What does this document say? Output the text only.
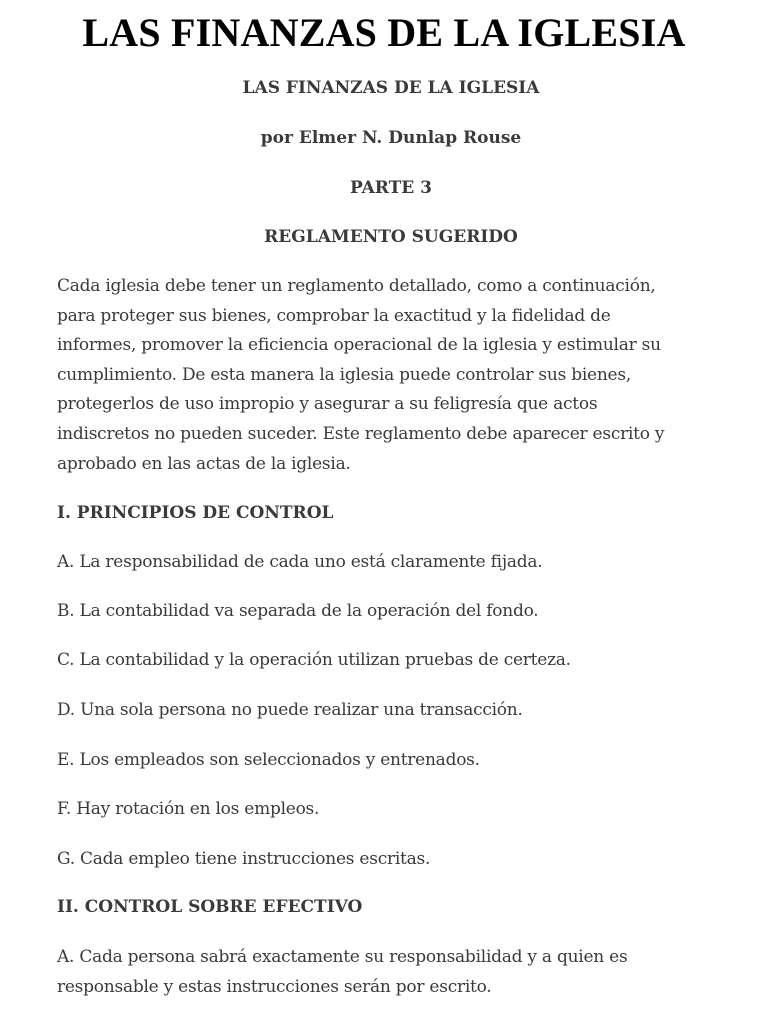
LAS FINANZAS DE LA IGLESIA

LAS FINANZAS DE LA IGLESIA

por Elmer N. Dunlap Rouse

PARTE 3

REGLAMENTO SUGERIDO

Cada iglesia debe tener un reglamento detallado, como a continuación,
para proteger sus bienes, comprobar la exactitud y la fidelidad de
informes, promover la eficiencia operacional de la iglesia y estimular su
cumplimiento. De esta manera la iglesia puede controlar sus bienes,
protegerlos de uso impropio y asegurar a su feligresía que actos
indiscretos no pueden suceder. Este reglamento debe aparecer escrito y
aprobado en las actas de la iglesia.

I. PRINCIPIOS DE CONTROL

A. La responsabilidad de cada uno está claramente fijada.

B. La contabilidad va separada de la operación del fondo.

C. La contabilidad y la operación utilizan pruebas de certeza.

D. Una sola persona no puede realizar una transacción.

E. Los empleados son seleccionados y entrenados.

F. Hay rotación en los empleos.

G. Cada empleo tiene instrucciones escritas.

II. CONTROL SOBRE EFECTIVO

A. Cada persona sabrá exactamente su responsabilidad y a quien es
responsable y estas instrucciones serán por escrito.
